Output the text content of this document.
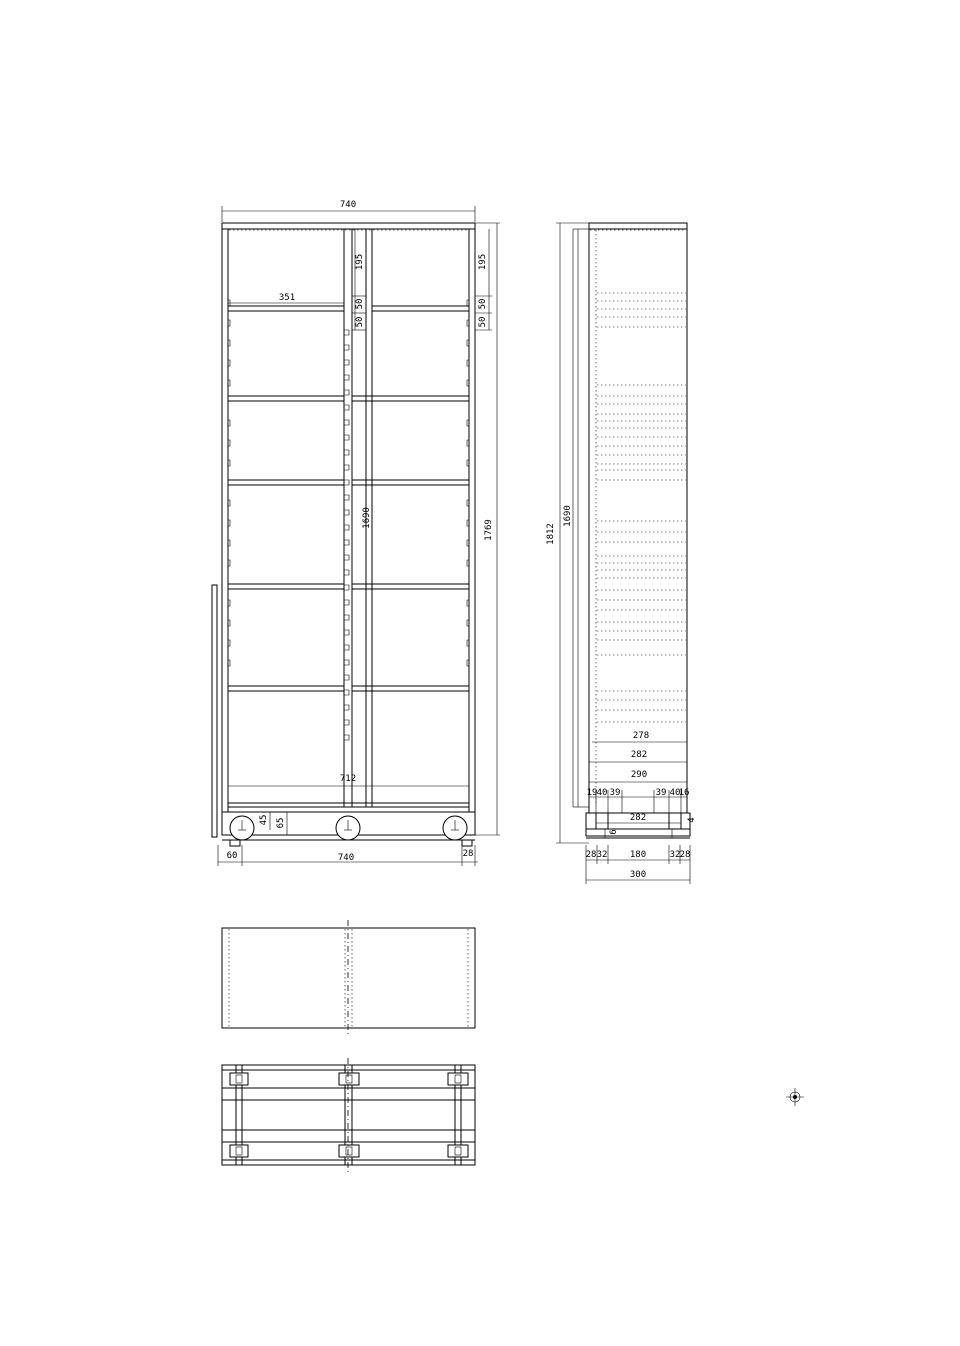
740
351
195	195
50
50
50
50
1690
1769
712
45 65
60	740	28
1812
1690
278
282
290
19 40 39	39 40
16
282	4
6
28 32 180	32 28
300
